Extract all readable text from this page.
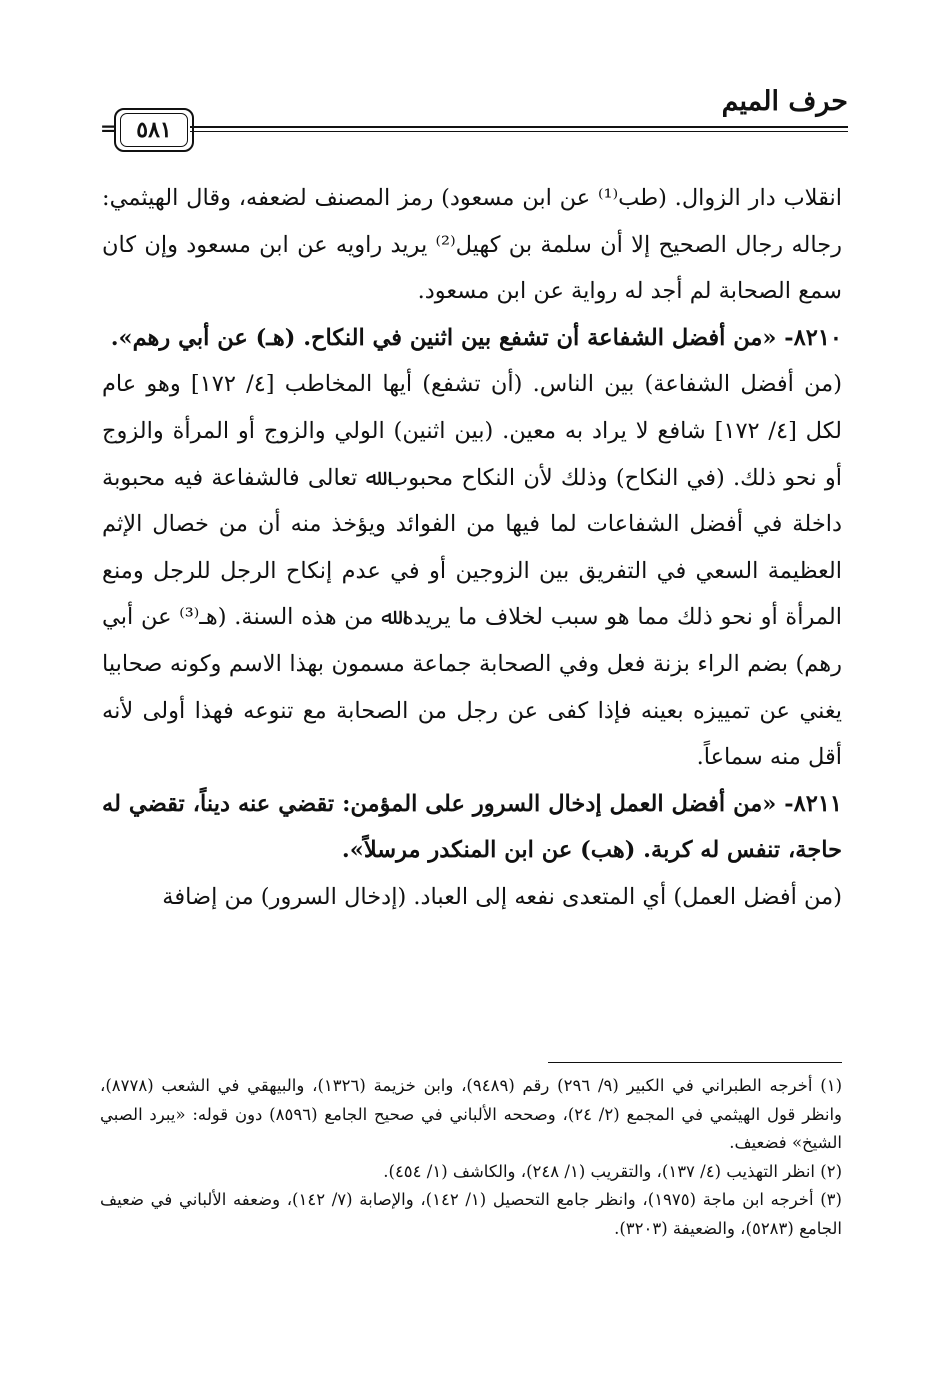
حرف الميم
= ٥٨١

انقلاب دار الزوال. (طب⁽¹⁾ عن ابن مسعود) رمز المصنف لضعفه، وقال الهيثمي: رجاله رجال الصحيح إلا أن سلمة بن كهيل⁽²⁾ يريد راويه عن ابن مسعود وإن كان سمع الصحابة لم أجد له رواية عن ابن مسعود.

٨٢١٠- «من أفضل الشفاعة أن تشفع بين اثنين في النكاح. (هـ) عن أبي رهم».

(من أفضل الشفاعة) بين الناس. (أن تشفع) أيها المخاطب [٤/ ١٧٢] وهو عام لكل [٤/ ١٧٢] شافع لا يراد به معين. (بين اثنين) الولي والزوج أو المرأة والزوج أو نحو ذلك. (في النكاح) وذلك لأن النكاح محبوب ﷲ تعالى فالشفاعة فيه محبوبة داخلة في أفضل الشفاعات لما فيها من الفوائد ويؤخذ منه أن من خصال الإثم العظيمة السعي في التفريق بين الزوجين أو في عدم إنكاح الرجل للرجل ومنع المرأة أو نحو ذلك مما هو سبب لخلاف ما يريده ﷲ من هذه السنة. (هـ⁽³⁾ عن أبي رهم) بضم الراء بزنة فعل وفي الصحابة جماعة مسمون بهذا الاسم وكونه صحابيا يغني عن تمييزه بعينه فإذا كفى عن رجل من الصحابة مع تنوعه فهذا أولى لأنه أقل منه سماعاً.

٨٢١١- «من أفضل العمل إدخال السرور على المؤمن: تقضي عنه ديناً، تقضي له حاجة، تنفس له كربة. (هب) عن ابن المنكدر مرسلاً».

(من أفضل العمل) أي المتعدى نفعه إلى العباد. (إدخال السرور) من إضافة

(١) أخرجه الطبراني في الكبير (٩/ ٢٩٦) رقم (٩٤٨٩)، وابن خزيمة (١٣٢٦)، والبيهقي في الشعب (٨٧٧٨)، وانظر قول الهيثمي في المجمع (٢/ ٢٤)، وصححه الألباني في صحيح الجامع (٨٥٩٦) دون قوله: «يبرد الصبي الشيخ» فضعيف.

(٢) انظر التهذيب (٤/ ١٣٧)، والتقريب (١/ ٢٤٨)، والكاشف (١/ ٤٥٤).

(٣) أخرجه ابن ماجة (١٩٧٥)، وانظر جامع التحصيل (١/ ١٤٢)، والإصابة (٧/ ١٤٢)، وضعفه الألباني في ضعيف الجامع (٥٢٨٣)، والضعيفة (٣٢٠٣).
